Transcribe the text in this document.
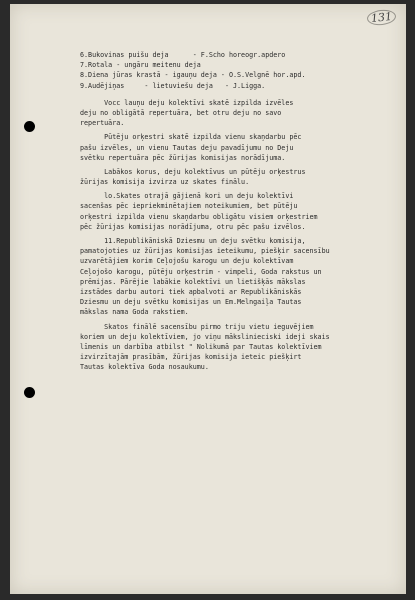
131
6.Bukovinas puišu deja      - F.Scho horeogr.apdero
7.Rotala - ungāru meitenu deja
8.Diena jūras krastā - igauņu deja - O.S.Velgnē hor.apd.
9.Audējiņas     - lietuviešu deja   - J.Ligga.
Vocc lauņu deju kolektīvi skatē izpilda izvēles
deju no obligātā repertuāra, bet otru deju no savo
repertuāra.
Pūtēju orķestri skatē izpilda vienu skaņdarbu pēc
pašu izvēles, un vienu Tautas deju pavadījumu no Deju
svētku repertuāra pēc žūrijas komisijas norādījuma.
Labākos korus, deju kolektīvus un pūtēju orķestrus
žūrijas komisija izvirza uz skates finālu.
lo.Skates otrajā gājienā kori un deju kolektīvi
sacenšas pēc iepriekminētajiem noteikumiem, bet pūtēju
orķestri izpilda vienu skaņdarbu obligātu visiem orķestriem
pēc žūrijas komisijas norādījuma, otru pēc pašu izvēlos.
11.Republikāniskā Dziesmu un deju svētku komisija,
pamatojoties uz žūrijas komisijas ieteikumu, piešķir sacensību
uzvarētājiem korim Ceļojošu karogu un deju kolektīvam
Ceļojošo karogu, pūtēju orķestrim - vimpeli, Goda rakstus un
prēmijas. Pārējie labākie kolektīvi un lietišķās mākslas
izstādes darbu autori tiek apbalvoti ar Republikāniskās
Dziesmu un deju svētku komisijas un Em.Melngaiļa Tautas
mākslas nama Goda rakstiem.
Skatos finālē sacensību pirmo triju vietu ieguvējiem
koriem un deju kolektīviem, jo viņu mākslinieciski ideji skais
līmenis un darbība atbilst " Nolikumā par Tautas kolektīviem
izvirzītajām prasībām, žūrijas komisija ieteic piešķirt
Tautas kolektīva Goda nosaukumu.
